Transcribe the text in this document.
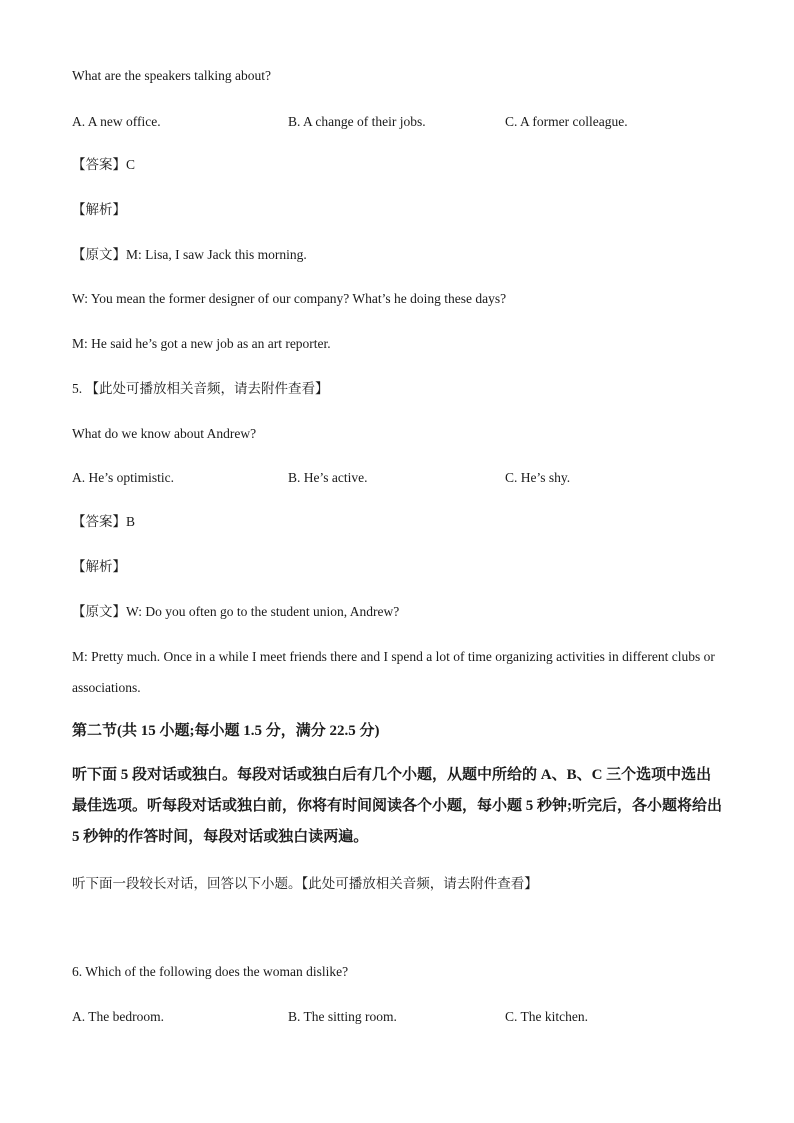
What are the speakers talking about?
A. A new office.	B. A change of their jobs.	C. A former colleague.
【答案】C
【解析】
【原文】M: Lisa, I saw Jack this morning.
W: You mean the former designer of our company? What’s he doing these days?
M: He said he’s got a new job as an art reporter.
5. 【此处可播放相关音频，请去附件查看】
What do we know about Andrew?
A. He’s optimistic.	B. He’s active.	C. He’s shy.
【答案】B
【解析】
【原文】W: Do you often go to the student union, Andrew?
M: Pretty much. Once in a while I meet friends there and I spend a lot of time organizing activities in different clubs or associations.
第二节(共 15 小题;每小题 1.5 分，满分 22.5 分)
听下面 5 段对话或独白。每段对话或独白后有几个小题，从题中所给的 A、B、C 三个选项中选出最佳选项。听每段对话或独白前，你将有时间阅读各个小题，每小题 5 秒钟;听完后，各小题将给出 5 秒钟的作答时间，每段对话或独白读两遍。
听下面一段较长对话，回答以下小题。【此处可播放相关音频，请去附件查看】
6. Which of the following does the woman dislike?
A. The bedroom.	B. The sitting room.	C. The kitchen.
